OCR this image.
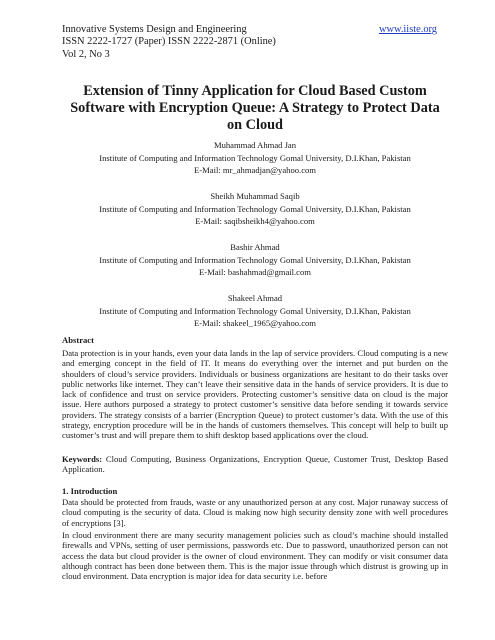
Innovative Systems Design and Engineering
ISSN 2222-1727 (Paper) ISSN 2222-2871 (Online)
Vol 2, No 3
www.iiste.org
Extension of Tinny Application for Cloud Based Custom Software with Encryption Queue: A Strategy to Protect Data on Cloud
Muhammad Ahmad Jan
Institute of Computing and Information Technology Gomal University, D.I.Khan, Pakistan
E-Mail: mr_ahmadjan@yahoo.com
Sheikh Muhammad Saqib
Institute of Computing and Information Technology Gomal University, D.I.Khan, Pakistan
E-Mail: saqibsheikh4@yahoo.com
Bashir Ahmad
Institute of Computing and Information Technology Gomal University, D.I.Khan, Pakistan
E-Mail: bashahmad@gmail.com
Shakeel Ahmad
Institute of Computing and Information Technology Gomal University, D.I.Khan, Pakistan
E-Mail: shakeel_1965@yahoo.com
Abstract
Data protection is in your hands, even your data lands in the lap of service providers. Cloud computing is a new and emerging concept in the field of IT. It means do everything over the internet and put burden on the shoulders of cloud’s service providers. Individuals or business organizations are hesitant to do their tasks over public networks like internet. They can’t leave their sensitive data in the hands of service providers. It is due to lack of confidence and trust on service providers. Protecting customer’s sensitive data on cloud is the major issue. Here authors purposed a strategy to protect customer’s sensitive data before sending it towards service providers. The strategy consists of a barrier (Encryption Queue) to protect customer’s data. With the use of this strategy, encryption procedure will be in the hands of customers themselves. This concept will help to built up customer’s trust and will prepare them to shift desktop based applications over the cloud.
Keywords: Cloud Computing, Business Organizations, Encryption Queue, Customer Trust, Desktop Based Application.
1. Introduction
Data should be protected from frauds, waste or any unauthorized person at any cost. Major runaway success of cloud computing is the security of data. Cloud is making now high security density zone with well procedures of encryptions [3].
In cloud environment there are many security management policies such as cloud’s machine should installed firewalls and VPNs, setting of user permissions, passwords etc. Due to password, unauthorized person can not access the data but cloud provider is the owner of cloud environment. They can modify or visit consumer data although contract has been done between them. This is the major issue through which distrust is growing up in cloud environment. Data encryption is major idea for data security i.e. before
